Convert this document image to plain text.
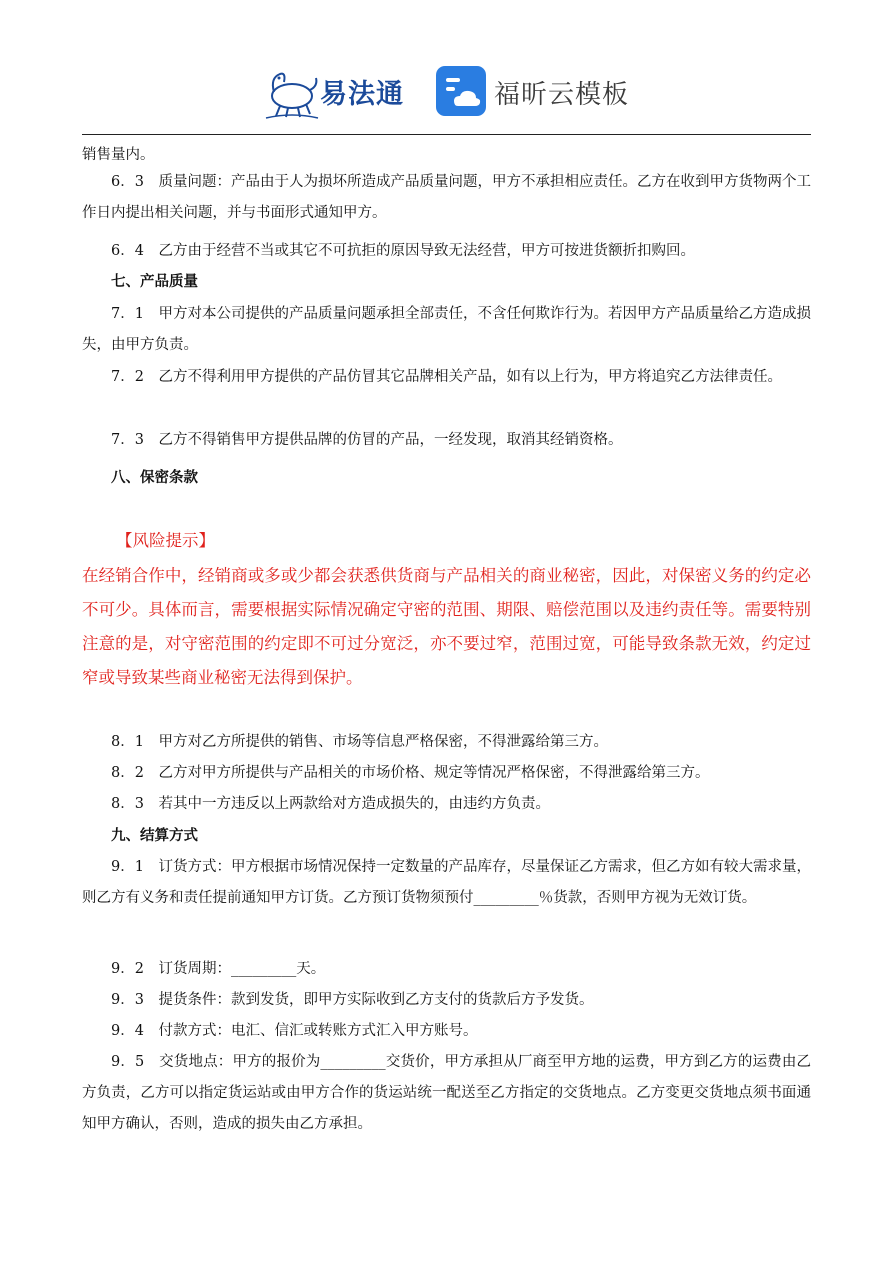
易法通	福昕云模板
销售量内。
6．3　质量问题：产品由于人为损坏所造成产品质量问题，甲方不承担相应责任。乙方在收到甲方货物两个工作日内提出相关问题，并与书面形式通知甲方。
6．4　乙方由于经营不当或其它不可抗拒的原因导致无法经营，甲方可按进货额折扣购回。
七、产品质量
7．1　甲方对本公司提供的产品质量问题承担全部责任，不含任何欺诈行为。若因甲方产品质量给乙方造成损失，由甲方负责。
7．2　乙方不得利用甲方提供的产品仿冒其它品牌相关产品，如有以上行为，甲方将追究乙方法律责任。
7．3　乙方不得销售甲方提供品牌的仿冒的产品，一经发现，取消其经销资格。
八、保密条款
【风险提示】
在经销合作中，经销商或多或少都会获悉供货商与产品相关的商业秘密，因此，对保密义务的约定必不可少。具体而言，需要根据实际情况确定守密的范围、期限、赔偿范围以及违约责任等。需要特别注意的是，对守密范围的约定即不可过分宽泛，亦不要过窄，范围过宽，可能导致条款无效，约定过窄或导致某些商业秘密无法得到保护。
8．1　甲方对乙方所提供的销售、市场等信息严格保密，不得泄露给第三方。
8．2　乙方对甲方所提供与产品相关的市场价格、规定等情况严格保密，不得泄露给第三方。
8．3　若其中一方违反以上两款给对方造成损失的，由违约方负责。
九、结算方式
9．1　订货方式：甲方根据市场情况保持一定数量的产品库存，尽量保证乙方需求，但乙方如有较大需求量，则乙方有义务和责任提前通知甲方订货。乙方预订货物须预付_________％货款，否则甲方视为无效订货。
9．2　订货周期：_________天。
9．3　提货条件：款到发货，即甲方实际收到乙方支付的货款后方予发货。
9．4　付款方式：电汇、信汇或转账方式汇入甲方账号。
9．5　交货地点：甲方的报价为_________交货价，甲方承担从厂商至甲方地的运费，甲方到乙方的运费由乙方负责，乙方可以指定货运站或由甲方合作的货运站统一配送至乙方指定的交货地点。乙方变更交货地点须书面通知甲方确认，否则，造成的损失由乙方承担。
